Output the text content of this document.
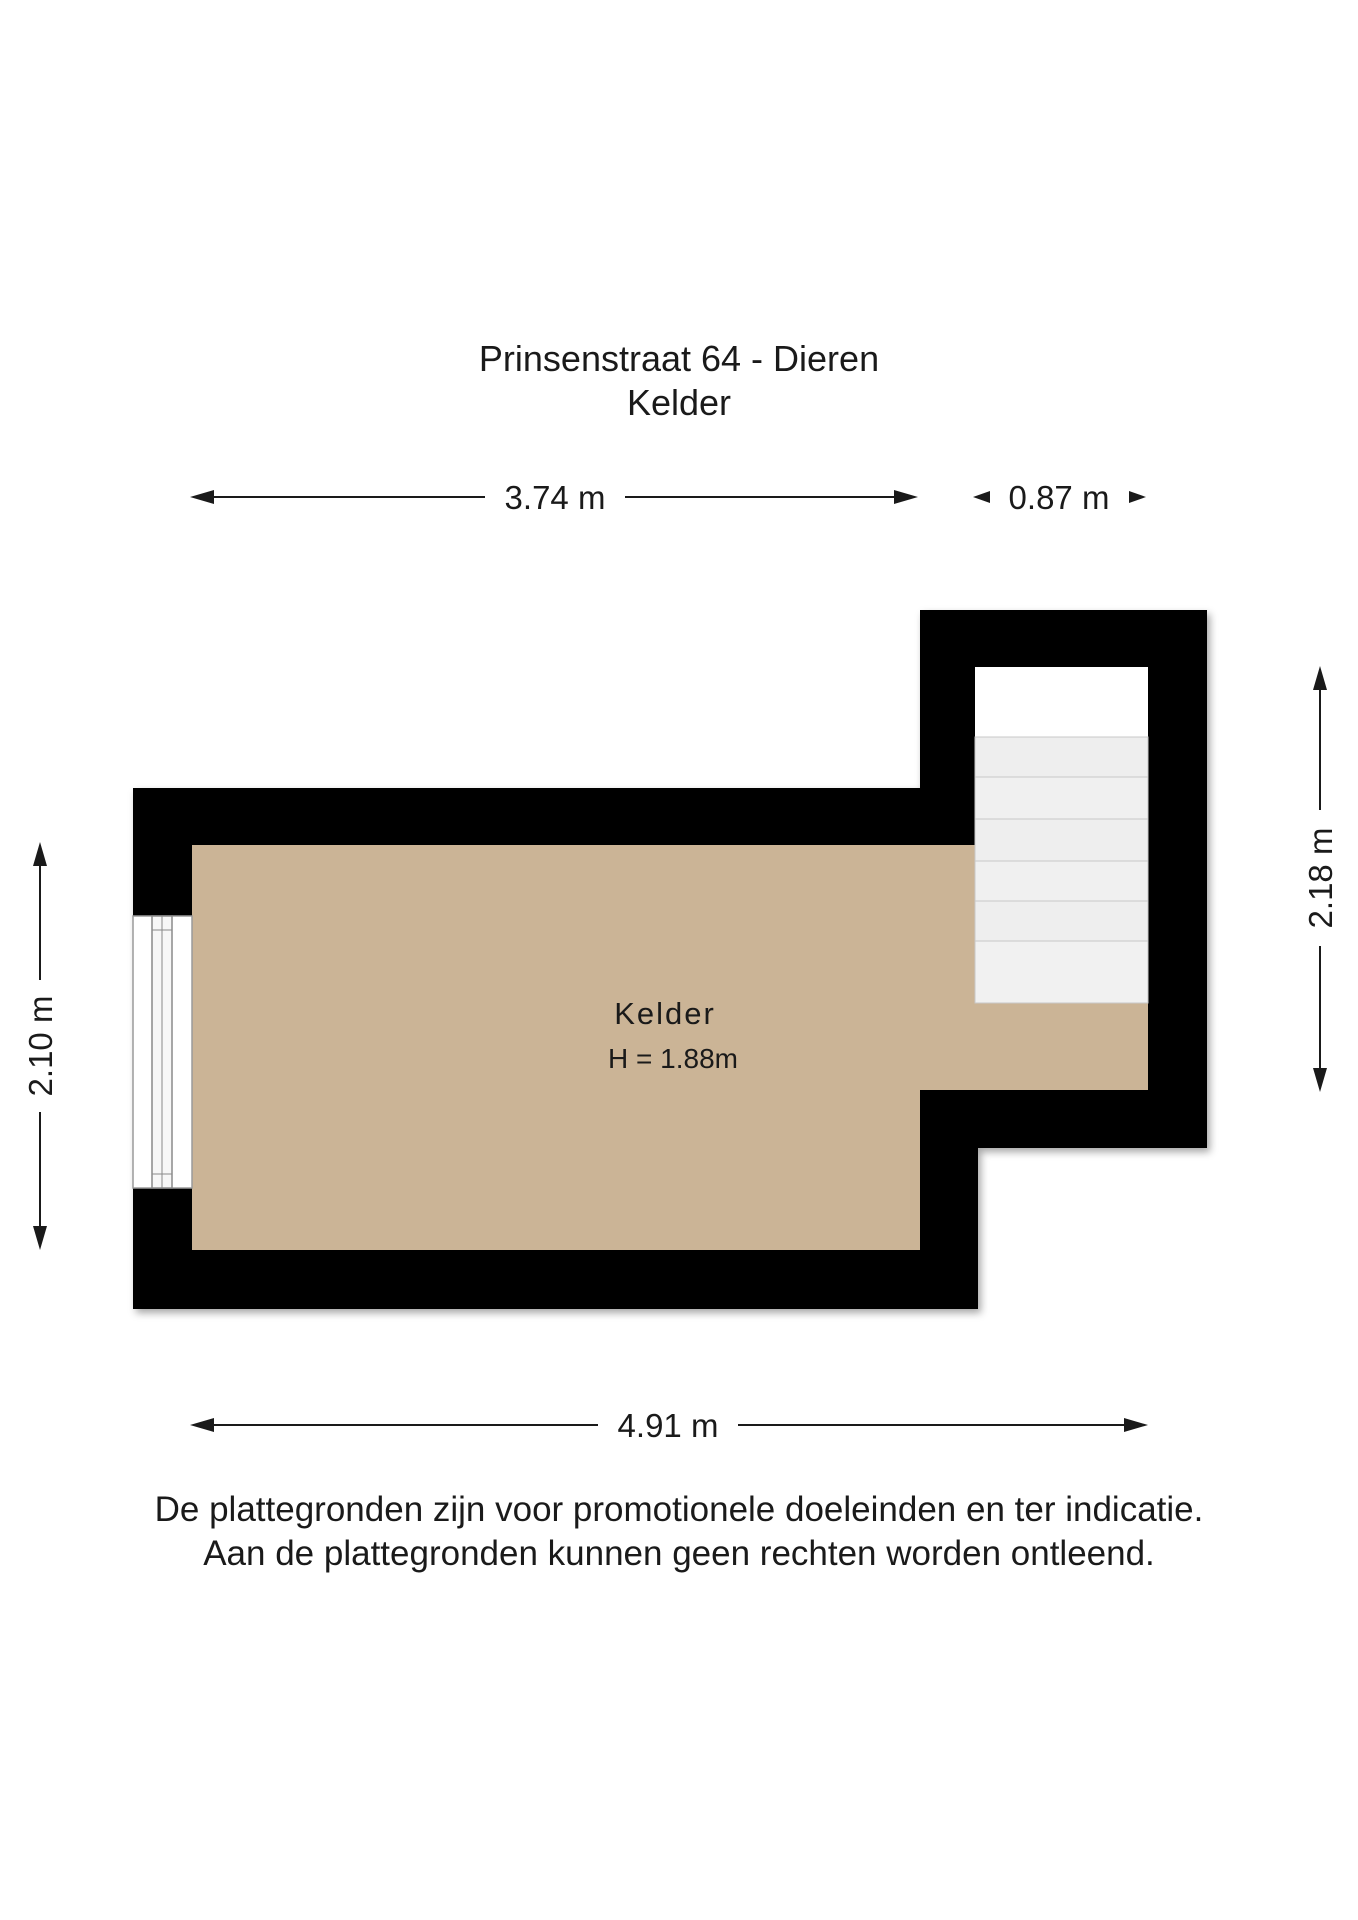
Prinsenstraat 64 - Dieren
Kelder
Kelder
H = 1.88m
3.74 m	0.87 m
2.10 m
2.18 m
4.91 m
De plattegronden zijn voor promotionele doeleinden en ter indicatie.
Aan de plattegronden kunnen geen rechten worden ontleend.
